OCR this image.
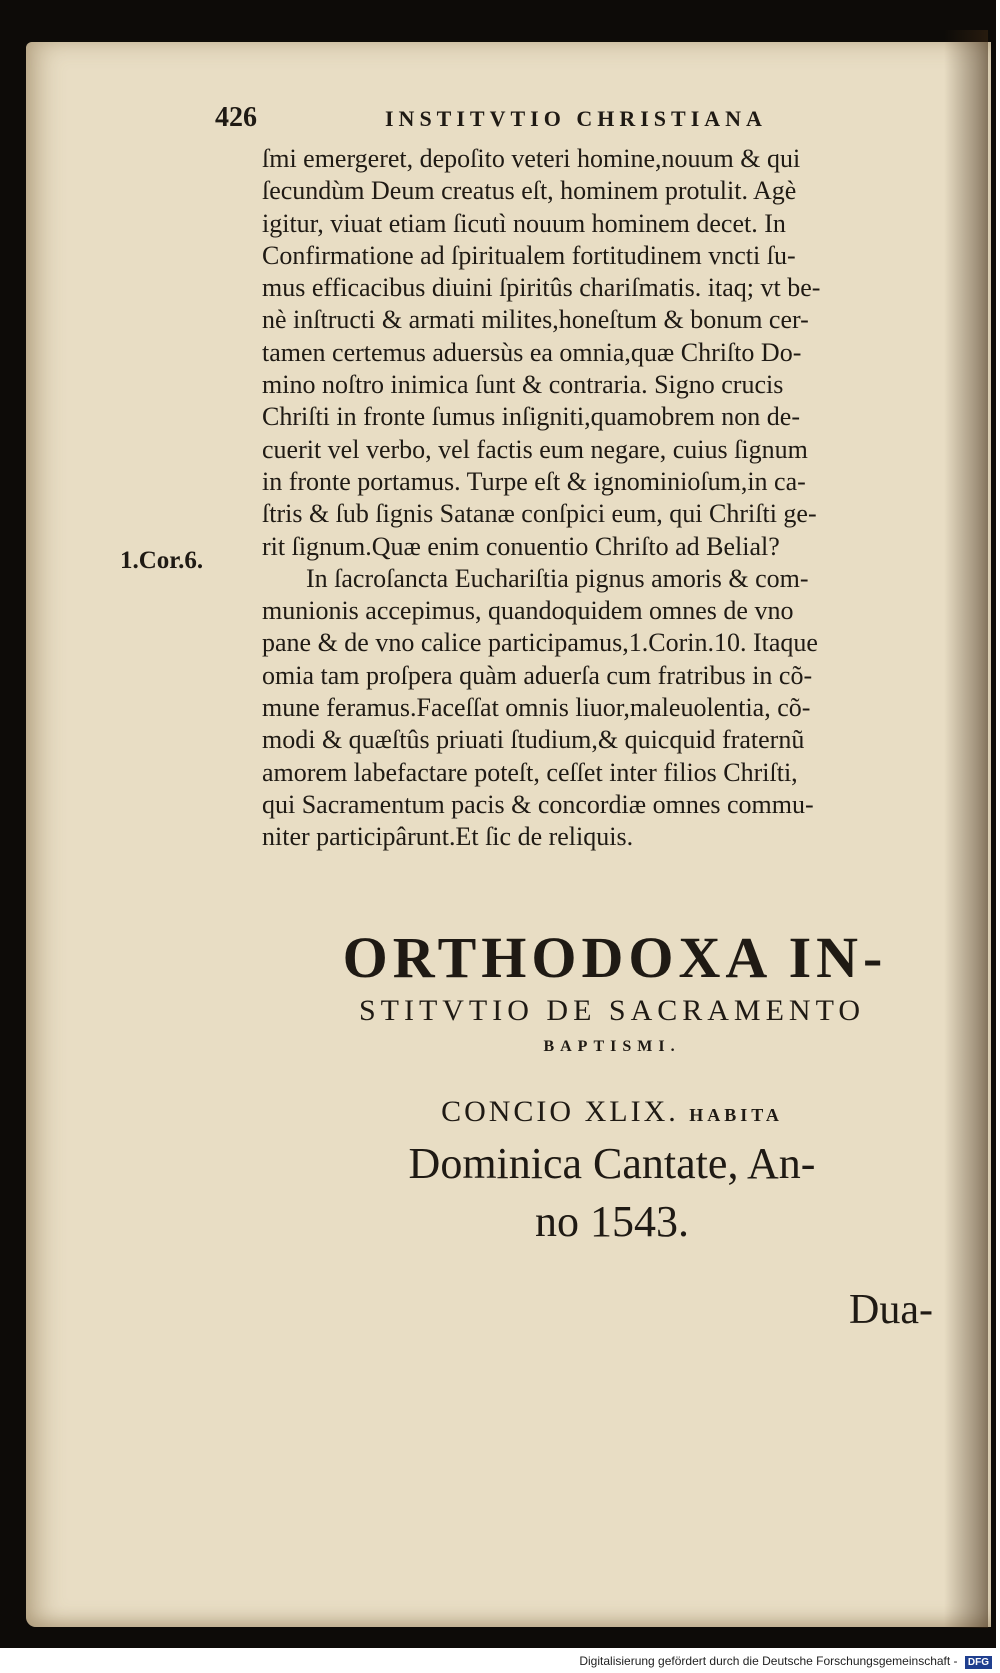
426	INSTITVTIO CHRISTIANA
1.Cor.6.
ſmi emergeret, depoſito veteri homine,nouum & qui
ſecundùm Deum creatus eſt, hominem protulit. Agè
igitur, viuat etiam ſicutì nouum hominem decet. In
Confirmatione ad ſpiritualem fortitudinem vncti ſu-
mus efficacibus diuini ſpiritûs chariſmatis. itaq; vt be-
nè inſtructi & armati milites,honeſtum & bonum cer-
tamen certemus aduersùs ea omnia,quæ Chriſto Do-
mino noſtro inimica ſunt & contraria. Signo crucis
Chriſti in fronte ſumus inſigniti,quamobrem non de-
cuerit vel verbo, vel factis eum negare, cuius ſignum
in fronte portamus. Turpe eſt & ignominioſum,in ca-
ſtris & ſub ſignis Satanæ conſpici eum, qui Chriſti ge-
rit ſignum.Quæ enim conuentio Chriſto ad Belial?
In ſacroſancta Euchariſtia pignus amoris & com-
munionis accepimus, quandoquidem omnes de vno
pane & de vno calice participamus,1.Corin.10. Itaque
omia tam proſpera quàm aduerſa cum fratribus in cõ-
mune feramus.Faceſſat omnis liuor,maleuolentia, cõ-
modi & quæſtûs priuati ſtudium,& quicquid fraternũ
amorem labefactare poteſt, ceſſet inter filios Chriſti,
qui Sacramentum pacis & concordiæ omnes commu-
niter participârunt.Et ſic de reliquis.
ORTHODOXA IN-
STITVTIO DE SACRAMENTO
BAPTISMI.
CONCIO XLIX. HABITA
Dominica Cantate, An-
no 1543.
Dua-
Digitalisierung gefördert durch die Deutsche Forschungsgemeinschaft - DFG
